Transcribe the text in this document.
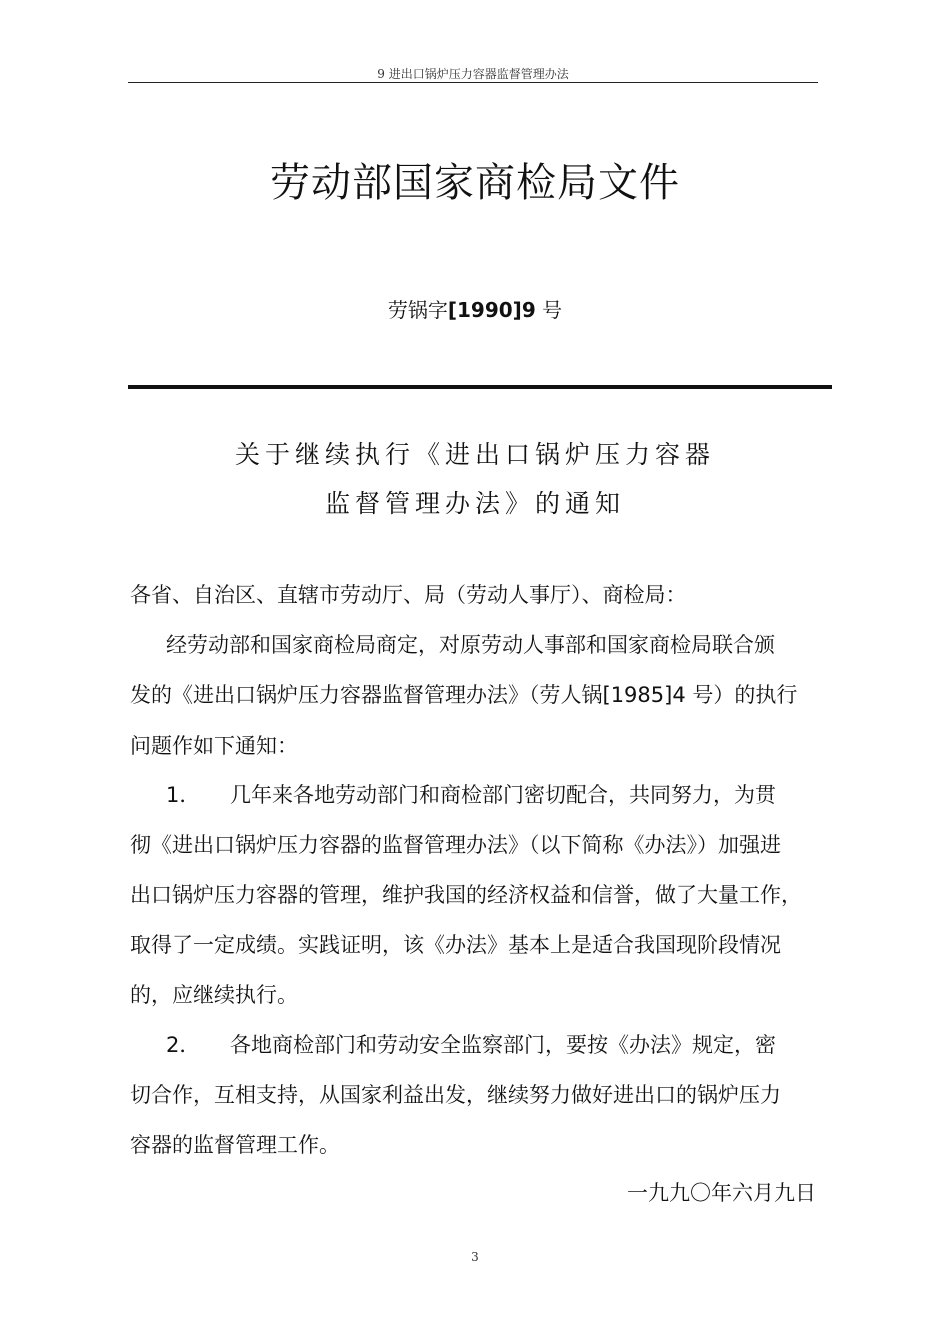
9 进出口锅炉压力容器监督管理办法
劳动部国家商检局文件
劳锅字[1990]9 号
关于继续执行《进出口锅炉压力容器
监督管理办法》的通知
各省、自治区、直辖市劳动厅、局（劳动人事厅）、商检局：
经劳动部和国家商检局商定，对原劳动人事部和国家商检局联合颁
发的《进出口锅炉压力容器监督管理办法》（劳人锅[1985]4 号）的执行
问题作如下通知：
1． 几年来各地劳动部门和商检部门密切配合，共同努力，为贯
彻《进出口锅炉压力容器的监督管理办法》（以下简称《办法》）加强进
出口锅炉压力容器的管理，维护我国的经济权益和信誉，做了大量工作，
取得了一定成绩。实践证明，该《办法》基本上是适合我国现阶段情况
的，应继续执行。
2． 各地商检部门和劳动安全监察部门，要按《办法》规定，密
切合作，互相支持，从国家利益出发，继续努力做好进出口的锅炉压力
容器的监督管理工作。
一九九〇年六月九日
3
